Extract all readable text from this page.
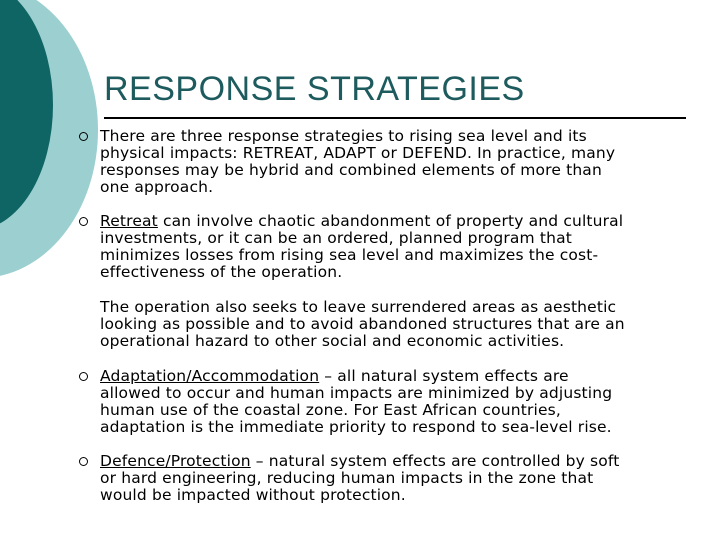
RESPONSE STRATEGIES
There are three response strategies to rising sea level and its
physical impacts: RETREAT, ADAPT or DEFEND. In practice, many
responses may be hybrid and combined elements of more than
one approach.
Retreat can involve chaotic abandonment of property and cultural
investments, or it can be an ordered, planned program that
minimizes losses from rising sea level and maximizes the cost-
effectiveness of the operation.
The operation also seeks to leave surrendered areas as aesthetic
looking as possible and to avoid abandoned structures that are an
operational hazard to other social and economic activities.
Adaptation/Accommodation – all natural system effects are
allowed to occur and human impacts are minimized by adjusting
human use of the coastal zone. For East African countries,
adaptation is the immediate priority to respond to sea-level rise.
Defence/Protection – natural system effects are controlled by soft
or hard engineering, reducing human impacts in the zone that
would be impacted without protection.
